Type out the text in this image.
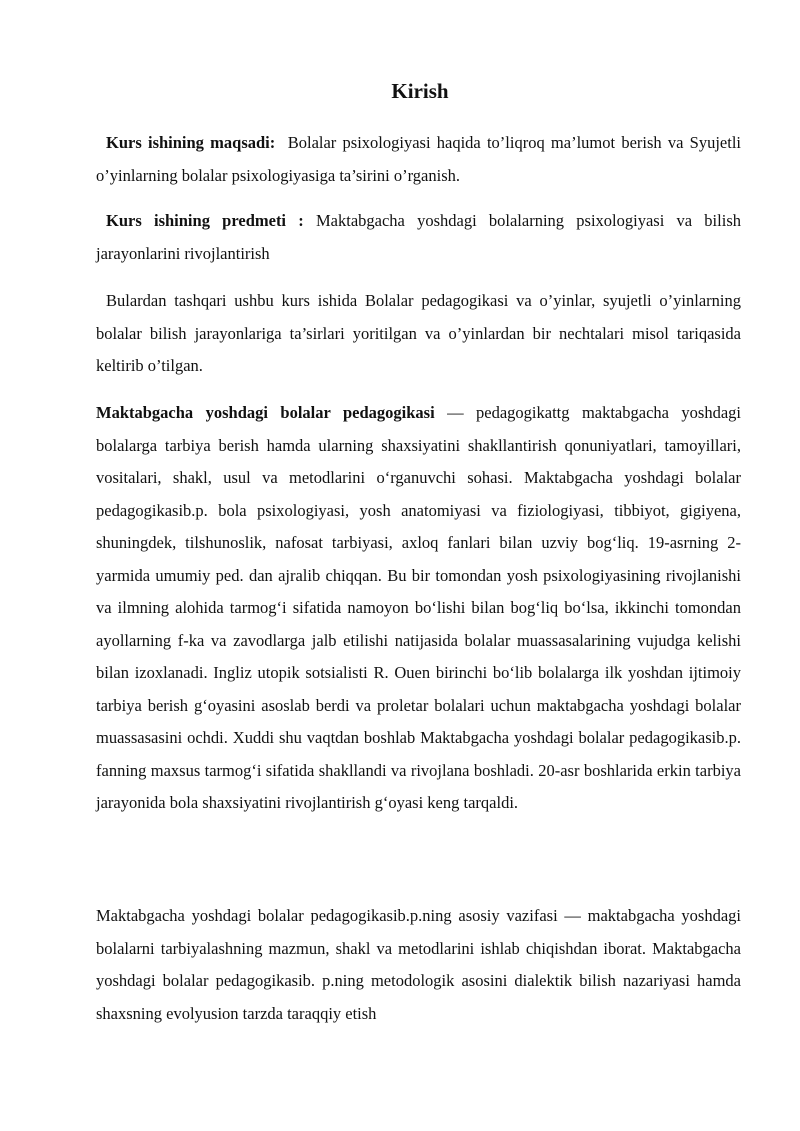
Kirish

Kurs ishining maqsadi: Bolalar psixologiyasi haqida to’liqroq ma’lumot berish va Syujetli o’yinlarning bolalar psixologiyasiga ta’sirini o’rganish.

Kurs ishining predmeti : Maktabgacha yoshdagi bolalarning psixologiyasi va bilish jarayonlarini rivojlantirish

Bulardan tashqari ushbu kurs ishida Bolalar pedagogikasi va o’yinlar, syujetli o’yinlarning bolalar bilish jarayonlariga ta’sirlari yoritilgan va o’yinlardan bir nechtalari misol tariqasida keltirib o’tilgan.

Maktabgacha yoshdagi bolalar pedagogikasi — pedagogikattg maktabgacha yoshdagi bolalarga tarbiya berish hamda ularning shaxsiyatini shakllantirish qonuniyatlari, tamoyillari, vositalari, shakl, usul va metodlarini oʻrganuvchi sohasi. Maktabgacha yoshdagi bolalar pedagogikasib.p. bola psixologiyasi, yosh anatomiyasi va fiziologiyasi, tibbiyot, gigiyena, shuningdek, tilshunoslik, nafosat tarbiyasi, axloq fanlari bilan uzviy bogʻliq. 19-asrning 2-yarmida umumiy ped. dan ajralib chiqqan. Bu bir tomondan yosh psixologiyasining rivojlanishi va ilmning alohida tarmogʻi sifatida namoyon boʻlishi bilan bogʻliq boʻlsa, ikkinchi tomondan ayollarning f-ka va zavodlarga jalb etilishi natijasida bolalar muassasalarining vujudga kelishi bilan izoxlanadi. Ingliz utopik sotsialisti R. Ouen birinchi boʻlib bolalarga ilk yoshdan ijtimoiy tarbiya berish gʻoyasini asoslab berdi va proletar bolalari uchun maktabgacha yoshdagi bolalar muassasasini ochdi. Xuddi shu vaqtdan boshlab Maktabgacha yoshdagi bolalar pedagogikasib.p. fanning maxsus tarmogʻi sifatida shakllandi va rivojlana boshladi. 20-asr boshlarida erkin tarbiya jarayonida bola shaxsiyatini rivojlantirish gʻoyasi keng tarqaldi.

Maktabgacha yoshdagi bolalar pedagogikasib.p.ning asosiy vazifasi — maktabgacha yoshdagi bolalarni tarbiyalashning mazmun, shakl va metodlarini ishlab chiqishdan iborat. Maktabgacha yoshdagi bolalar pedagogikasib. p.ning metodologik asosini dialektik bilish nazariyasi hamda shaxsning evolyusion tarzda taraqqiy etish
